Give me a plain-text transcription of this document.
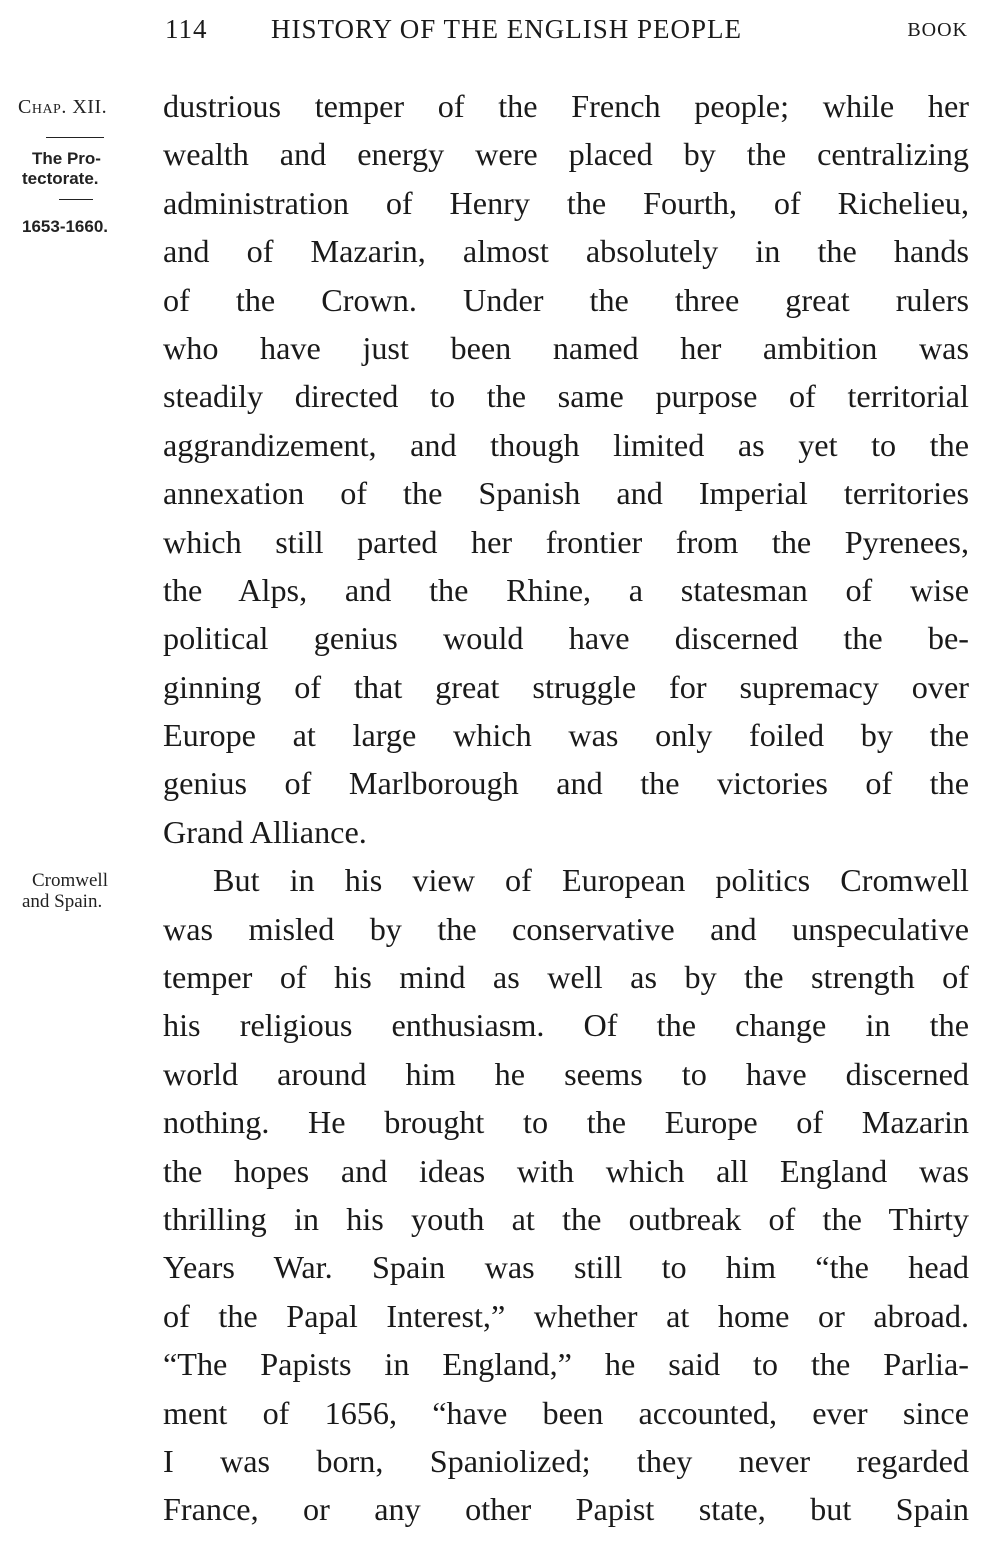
114 HISTORY OF THE ENGLISH PEOPLE	BOOK
Chap. XII.
The Pro-
tectorate.
1653-1660.
Cromwell
and Spain.
dustrious temper of the French people; while her
wealth and energy were placed by the centralizing
administration of Henry the Fourth, of Richelieu,
and of Mazarin, almost absolutely in the hands
of the Crown. Under the three great rulers
who have just been named her ambition was
steadily directed to the same purpose of territorial
aggrandizement, and though limited as yet to the
annexation of the Spanish and Imperial territories
which still parted her frontier from the Pyrenees,
the Alps, and the Rhine, a statesman of wise
political genius would have discerned the be-
ginning of that great struggle for supremacy over
Europe at large which was only foiled by the
genius of Marlborough and the victories of the
Grand Alliance.
But in his view of European politics Cromwell
was misled by the conservative and unspeculative
temper of his mind as well as by the strength of
his religious enthusiasm. Of the change in the
world around him he seems to have discerned
nothing. He brought to the Europe of Mazarin
the hopes and ideas with which all England was
thrilling in his youth at the outbreak of the Thirty
Years War. Spain was still to him “the head
of the Papal Interest,” whether at home or abroad.
“The Papists in England,” he said to the Parlia-
ment of 1656, “have been accounted, ever since
I was born, Spaniolized; they never regarded
France, or any other Papist state, but Spain
